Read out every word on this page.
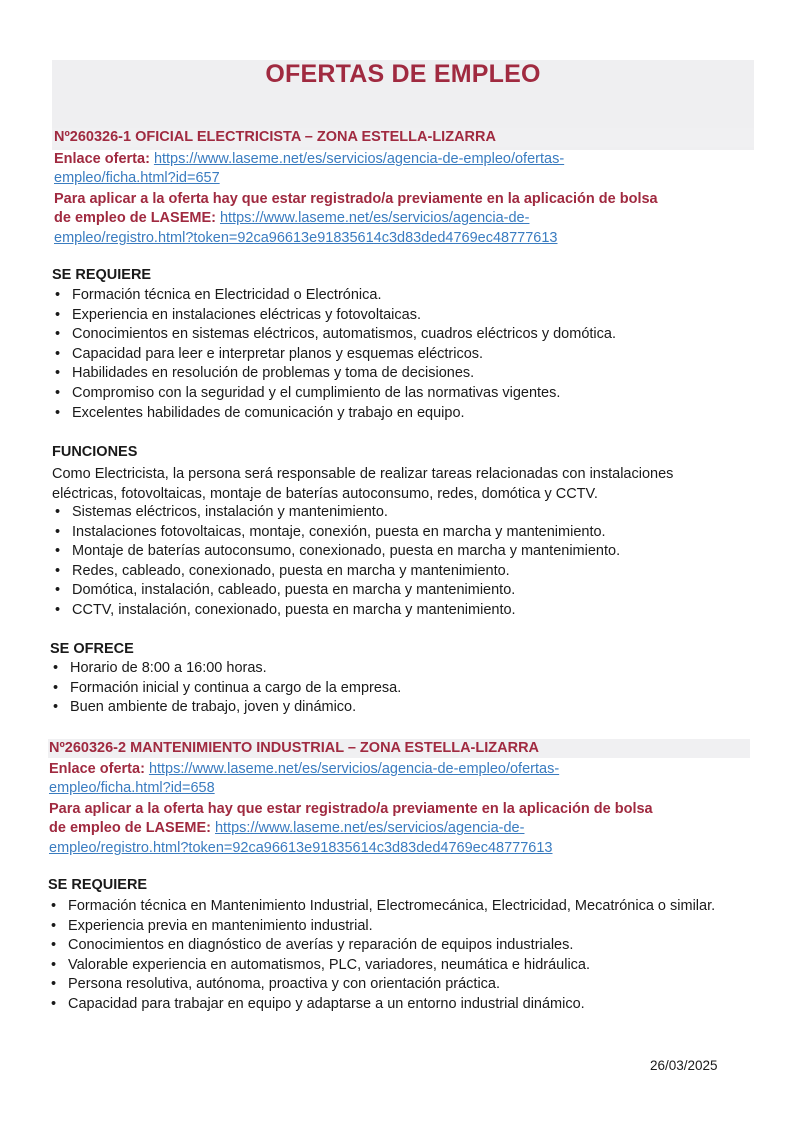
OFERTAS DE EMPLEO
Nº260326-1 OFICIAL ELECTRICISTA – ZONA ESTELLA-LIZARRA
Enlace oferta: https://www.laseme.net/es/servicios/agencia-de-empleo/ofertas-
empleo/ficha.html?id=657
Para aplicar a la oferta hay que estar registrado/a previamente en la aplicación de bolsa
de empleo de LASEME: https://www.laseme.net/es/servicios/agencia-de-
empleo/registro.html?token=92ca96613e91835614c3d83ded4769ec48777613
SE REQUIERE
• Formación técnica en Electricidad o Electrónica.
• Experiencia en instalaciones eléctricas y fotovoltaicas.
• Conocimientos en sistemas eléctricos, automatismos, cuadros eléctricos y domótica.
• Capacidad para leer e interpretar planos y esquemas eléctricos.
• Habilidades en resolución de problemas y toma de decisiones.
• Compromiso con la seguridad y el cumplimiento de las normativas vigentes.
• Excelentes habilidades de comunicación y trabajo en equipo.
FUNCIONES
Como Electricista, la persona será responsable de realizar tareas relacionadas con instalaciones
eléctricas, fotovoltaicas, montaje de baterías autoconsumo, redes, domótica y CCTV.
• Sistemas eléctricos, instalación y mantenimiento.
• Instalaciones fotovoltaicas, montaje, conexión, puesta en marcha y mantenimiento.
• Montaje de baterías autoconsumo, conexionado, puesta en marcha y mantenimiento.
• Redes, cableado, conexionado, puesta en marcha y mantenimiento.
• Domótica, instalación, cableado, puesta en marcha y mantenimiento.
• CCTV, instalación, conexionado, puesta en marcha y mantenimiento.
SE OFRECE
• Horario de 8:00 a 16:00 horas.
• Formación inicial y continua a cargo de la empresa.
• Buen ambiente de trabajo, joven y dinámico.
Nº260326-2 MANTENIMIENTO INDUSTRIAL – ZONA ESTELLA-LIZARRA
Enlace oferta: https://www.laseme.net/es/servicios/agencia-de-empleo/ofertas-
empleo/ficha.html?id=658
Para aplicar a la oferta hay que estar registrado/a previamente en la aplicación de bolsa
de empleo de LASEME: https://www.laseme.net/es/servicios/agencia-de-
empleo/registro.html?token=92ca96613e91835614c3d83ded4769ec48777613
SE REQUIERE
• Formación técnica en Mantenimiento Industrial, Electromecánica, Electricidad, Mecatrónica o similar.
• Experiencia previa en mantenimiento industrial.
• Conocimientos en diagnóstico de averías y reparación de equipos industriales.
• Valorable experiencia en automatismos, PLC, variadores, neumática e hidráulica.
• Persona resolutiva, autónoma, proactiva y con orientación práctica.
• Capacidad para trabajar en equipo y adaptarse a un entorno industrial dinámico.
26/03/2025
